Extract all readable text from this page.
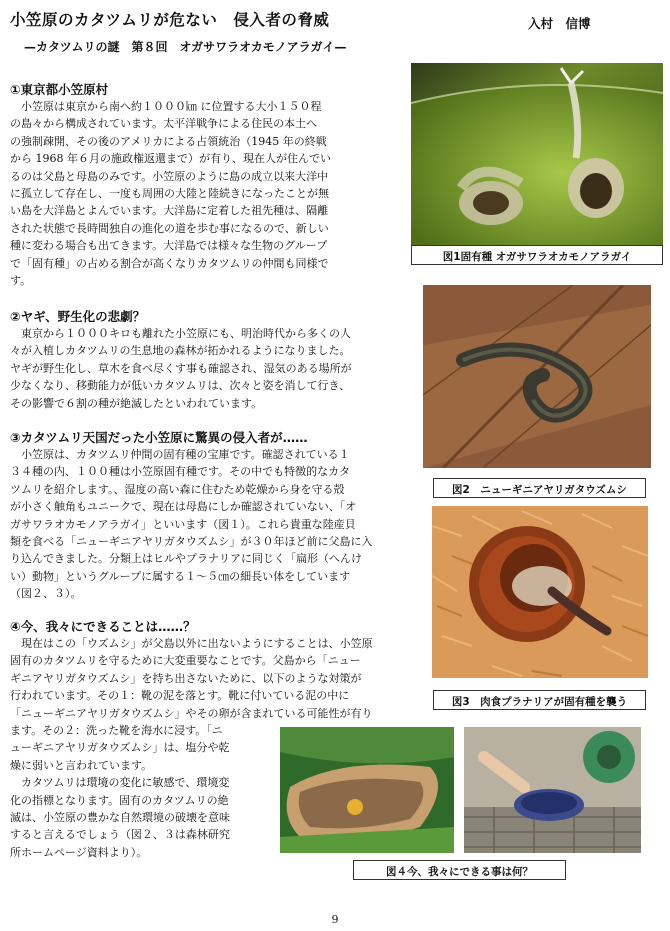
小笠原のカタツムリが危ない　侵入者の脅威	入村　信博
—カタツムリの謎　第８回　オガサワラオカモノアラガイ—
①東京都小笠原村
　小笠原は東京から南へ約１０００㎞ に位置する大小１５０程
の島々から構成されています。太平洋戦争による住民の本土へ
の強制疎開、その後のアメリカによる占領統治（1945 年の終戦
から 1968 年６月の施政権返還まで）が有り、現在人が住んでい
るのは父島と母島のみです。小笠原のように島の成立以来大洋中
に孤立して存在し、一度も周囲の大陸と陸続きになったことが無
い島を大洋島とよんでいます。大洋島に定着した祖先種は、隔離
された状態で長時間独自の進化の道を歩む事になるので、新しい
種に変わる場合も出てきます。大洋島では様々な生物のグループ
で「固有種」の占める割合が高くなりカタツムリの仲間も同様で
す。
②ヤギ、野生化の悲劇？
　東京から１０００キロも離れた小笠原にも、明治時代から多くの人
々が入植しカタツムリの生息地の森林が拓かれるようになりました。
ヤギが野生化し、草木を食べ尽くす事も確認され、湿気のある場所が
少なくなり、移動能力が低いカタツムリは、次々と姿を消して行き、
その影響で６割の種が絶滅したといわれています。
③カタツムリ天国だった小笠原に驚異の侵入者が……
　小笠原は、カタツムリ仲間の固有種の宝庫です。確認されている１
３４種の内、１００種は小笠原固有種です。その中でも特徴的なカタ
ツムリを紹介します。、湿度の高い森に住むため乾燥から身を守る殻
が小さく触角もユニークで、現在は母島にしか確認されていない、「オ
ガサワラオカモノアラガイ」といいます（図１）。これら貴重な陸産貝
類を食べる「ニューギニアヤリガタウズムシ」が３０年ほど前に父島に入
り込んできました。分類上はヒルやプラナリアに同じく「扁形（へんけ
い）動物」というグループに属する１～５㎝の細長い体をしています
（図２、３）。
④今、我々にできることは……？
　現在はこの「ウズムシ」が父島以外に出ないようにすることは、小笠原
固有のカタツムリを守るために大変重要なことです。父島から「ニュー
ギニアヤリガタウズムシ」を持ち出さないために、以下のような対策が
行われています。その１：靴の泥を落とす。靴に付いている泥の中に
「ニューギニアヤリガタウズムシ」やその卵が含まれている可能性が有り
ます。その２：洗った靴を海水に浸す。「ニ
ューギニアヤリガタウズムシ」は、塩分や乾
燥に弱いと言われています。
　カタツムリは環境の変化に敏感で、環境変
化の指標となります。固有のカタツムリの絶
滅は、小笠原の豊かな自然環境の破壊を意味
すると言えるでしょう（図２、３は森林研究
所ホームページ資料より）。
図1固有種 オガサワラオカモノアラガイ
図2　ニューギニアヤリガタウズムシ
図3　肉食プラナリアが固有種を襲う
図４今、我々にできる事は何？
9
